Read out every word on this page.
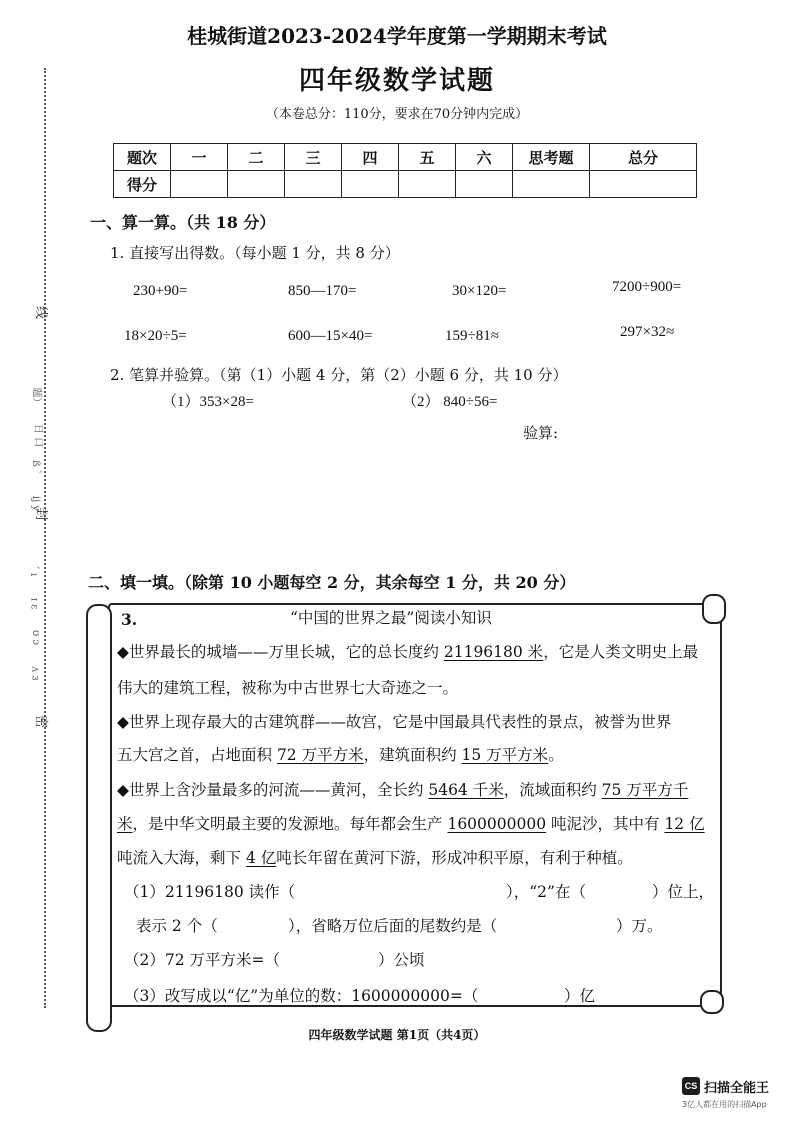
线
封
密
题）
日 口
ß ˋ
ij ý
ˊ ı
ɪ ɛ
ʊ ɔ
ʌ ɜ
桂城街道2023-2024学年度第一学期期末考试
四年级数学试题
（本卷总分：110分，要求在70分钟内完成）
题次	一	二	三	四	五	六	思考题	总分
得分								
一、算一算。（共 18 分）
1. 直接写出得数。（每小题 1 分，共 8 分）
230+90=	850—170=	30×120=	7200÷900=
18×20÷5=	600—15×40=	159÷81≈	297×32≈
2. 笔算并验算。（第（1）小题 4 分，第（2）小题 6 分，共 10 分）
（1）353×28=	（2） 840÷56=
验算:
二、填一填。（除第 10 小题每空 2 分，其余每空 1 分，共 20 分）
3.	“中国的世界之最”阅读小知识
◆世界最长的城墙——万里长城，它的总长度约 21196180 米，它是人类文明史上最
伟大的建筑工程，被称为中古世界七大奇迹之一。
◆世界上现存最大的古建筑群——故宫，它是中国最具代表性的景点，被誉为世界
五大宫之首，占地面积 72 万平方米，建筑面积约 15 万平方米。
◆世界上含沙量最多的河流——黄河，全长约 5464 千米，流域面积约 75 万平方千
米，是中华文明最主要的发源地。每年都会生产 1600000000 吨泥沙，其中有 12 亿
吨流入大海，剩下 4 亿吨长年留在黄河下游，形成冲积平原，有利于种植。
（1）21196180 读作（	），“2”在（	）位上，
表示 2 个（	），省略万位后面的尾数约是（	）万。
（2）72 万平方米=（	）公顷
（3）改写成以“亿”为单位的数：1600000000=（	）亿
四年级数学试题 第1页（共4页）
CS 扫描全能王
3亿人都在用的扫描App
